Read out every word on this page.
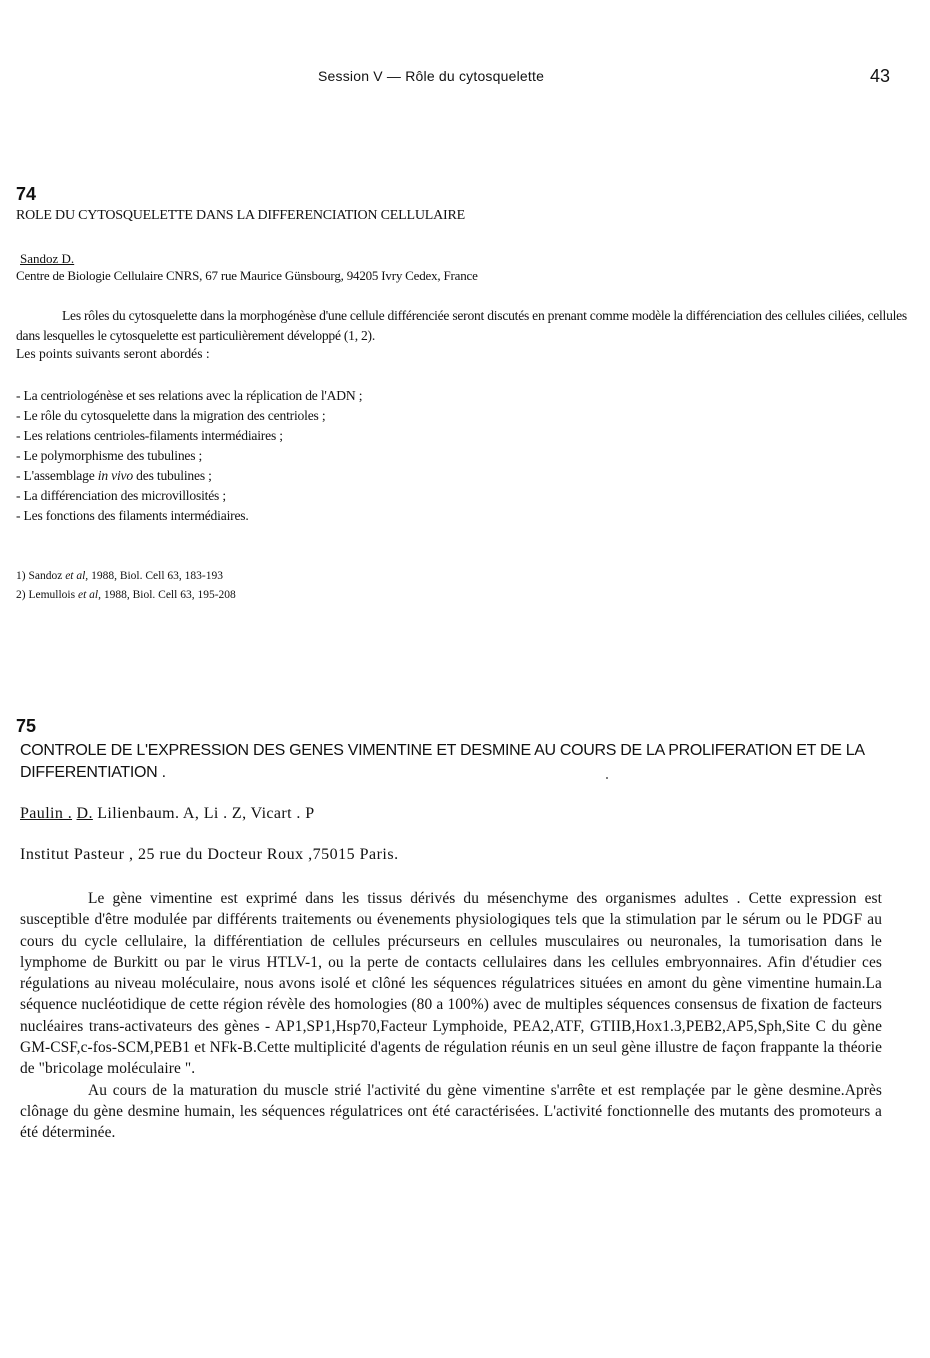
Session V — Rôle du cytosquelette	43
74
ROLE DU CYTOSQUELETTE DANS LA DIFFERENCIATION CELLULAIRE
Sandoz D.
Centre de Biologie Cellulaire CNRS, 67 rue Maurice Günsbourg, 94205 Ivry Cedex, France

Les rôles du cytosquelette dans la morphogénèse d'une cellule différenciée seront discutés en prenant comme modèle la différenciation des cellules ciliées, cellules dans lesquelles le cytosquelette est particulièrement développé (1, 2).

Les points suivants seront abordés :
- La centriologénèse et ses relations avec la réplication de l'ADN ;
- Le rôle du cytosquelette dans la migration des centrioles ;
- Les relations centrioles-filaments intermédiaires ;
- Le polymorphisme des tubulines ;
- L'assemblage in vivo des tubulines ;
- La différenciation des microvillosités ;
- Les fonctions des filaments intermédiaires.
1) Sandoz et al, 1988, Biol. Cell 63, 183-193
2) Lemullois et al, 1988, Biol. Cell 63, 195-208
75
CONTROLE DE L'EXPRESSION DES GENES VIMENTINE ET DESMINE AU COURS DE LA PROLIFERATION ET DE LA DIFFERENTIATION .
Paulin . D. Lilienbaum. A, Li . Z, Vicart . P
Institut Pasteur , 25 rue du Docteur Roux ,75015 Paris.

Le gène vimentine est exprimé dans les tissus dérivés du mésenchyme des organismes adultes . Cette expression est susceptible d'être modulée par différents traitements ou évenements physiologiques tels que la stimulation par le sérum ou le PDGF au cours du cycle cellulaire, la différentiation de cellules précurseurs en cellules musculaires ou neuronales, la tumorisation dans le lymphome de Burkitt ou par le virus HTLV-1, ou la perte de contacts cellulaires dans les cellules embryonnaires. Afin d'étudier ces régulations au niveau moléculaire, nous avons isolé et clôné les séquences régulatrices situées en amont du gène vimentine humain.La séquence nucléotidique de cette région révèle des homologies (80 a 100%) avec de multiples séquences consensus de fixation de facteurs nucléaires trans-activateurs des gènes - AP1,SP1,Hsp70,Facteur Lymphoide, PEA2,ATF, GTIIB,Hox1.3,PEB2,AP5,Sph,Site C du gène GM-CSF,c-fos-SCM,PEB1 et NFk-B.Cette multiplicité d'agents de régulation réunis en un seul gène illustre de façon frappante la théorie de "bricolage moléculaire ".

Au cours de la maturation du muscle strié l'activité du gène vimentine s'arrête et est remplaçée par le gène desmine.Après clônage du gène desmine humain, les séquences régulatrices ont été caractérisées. L'activité fonctionnelle des mutants des promoteurs a été déterminée.
